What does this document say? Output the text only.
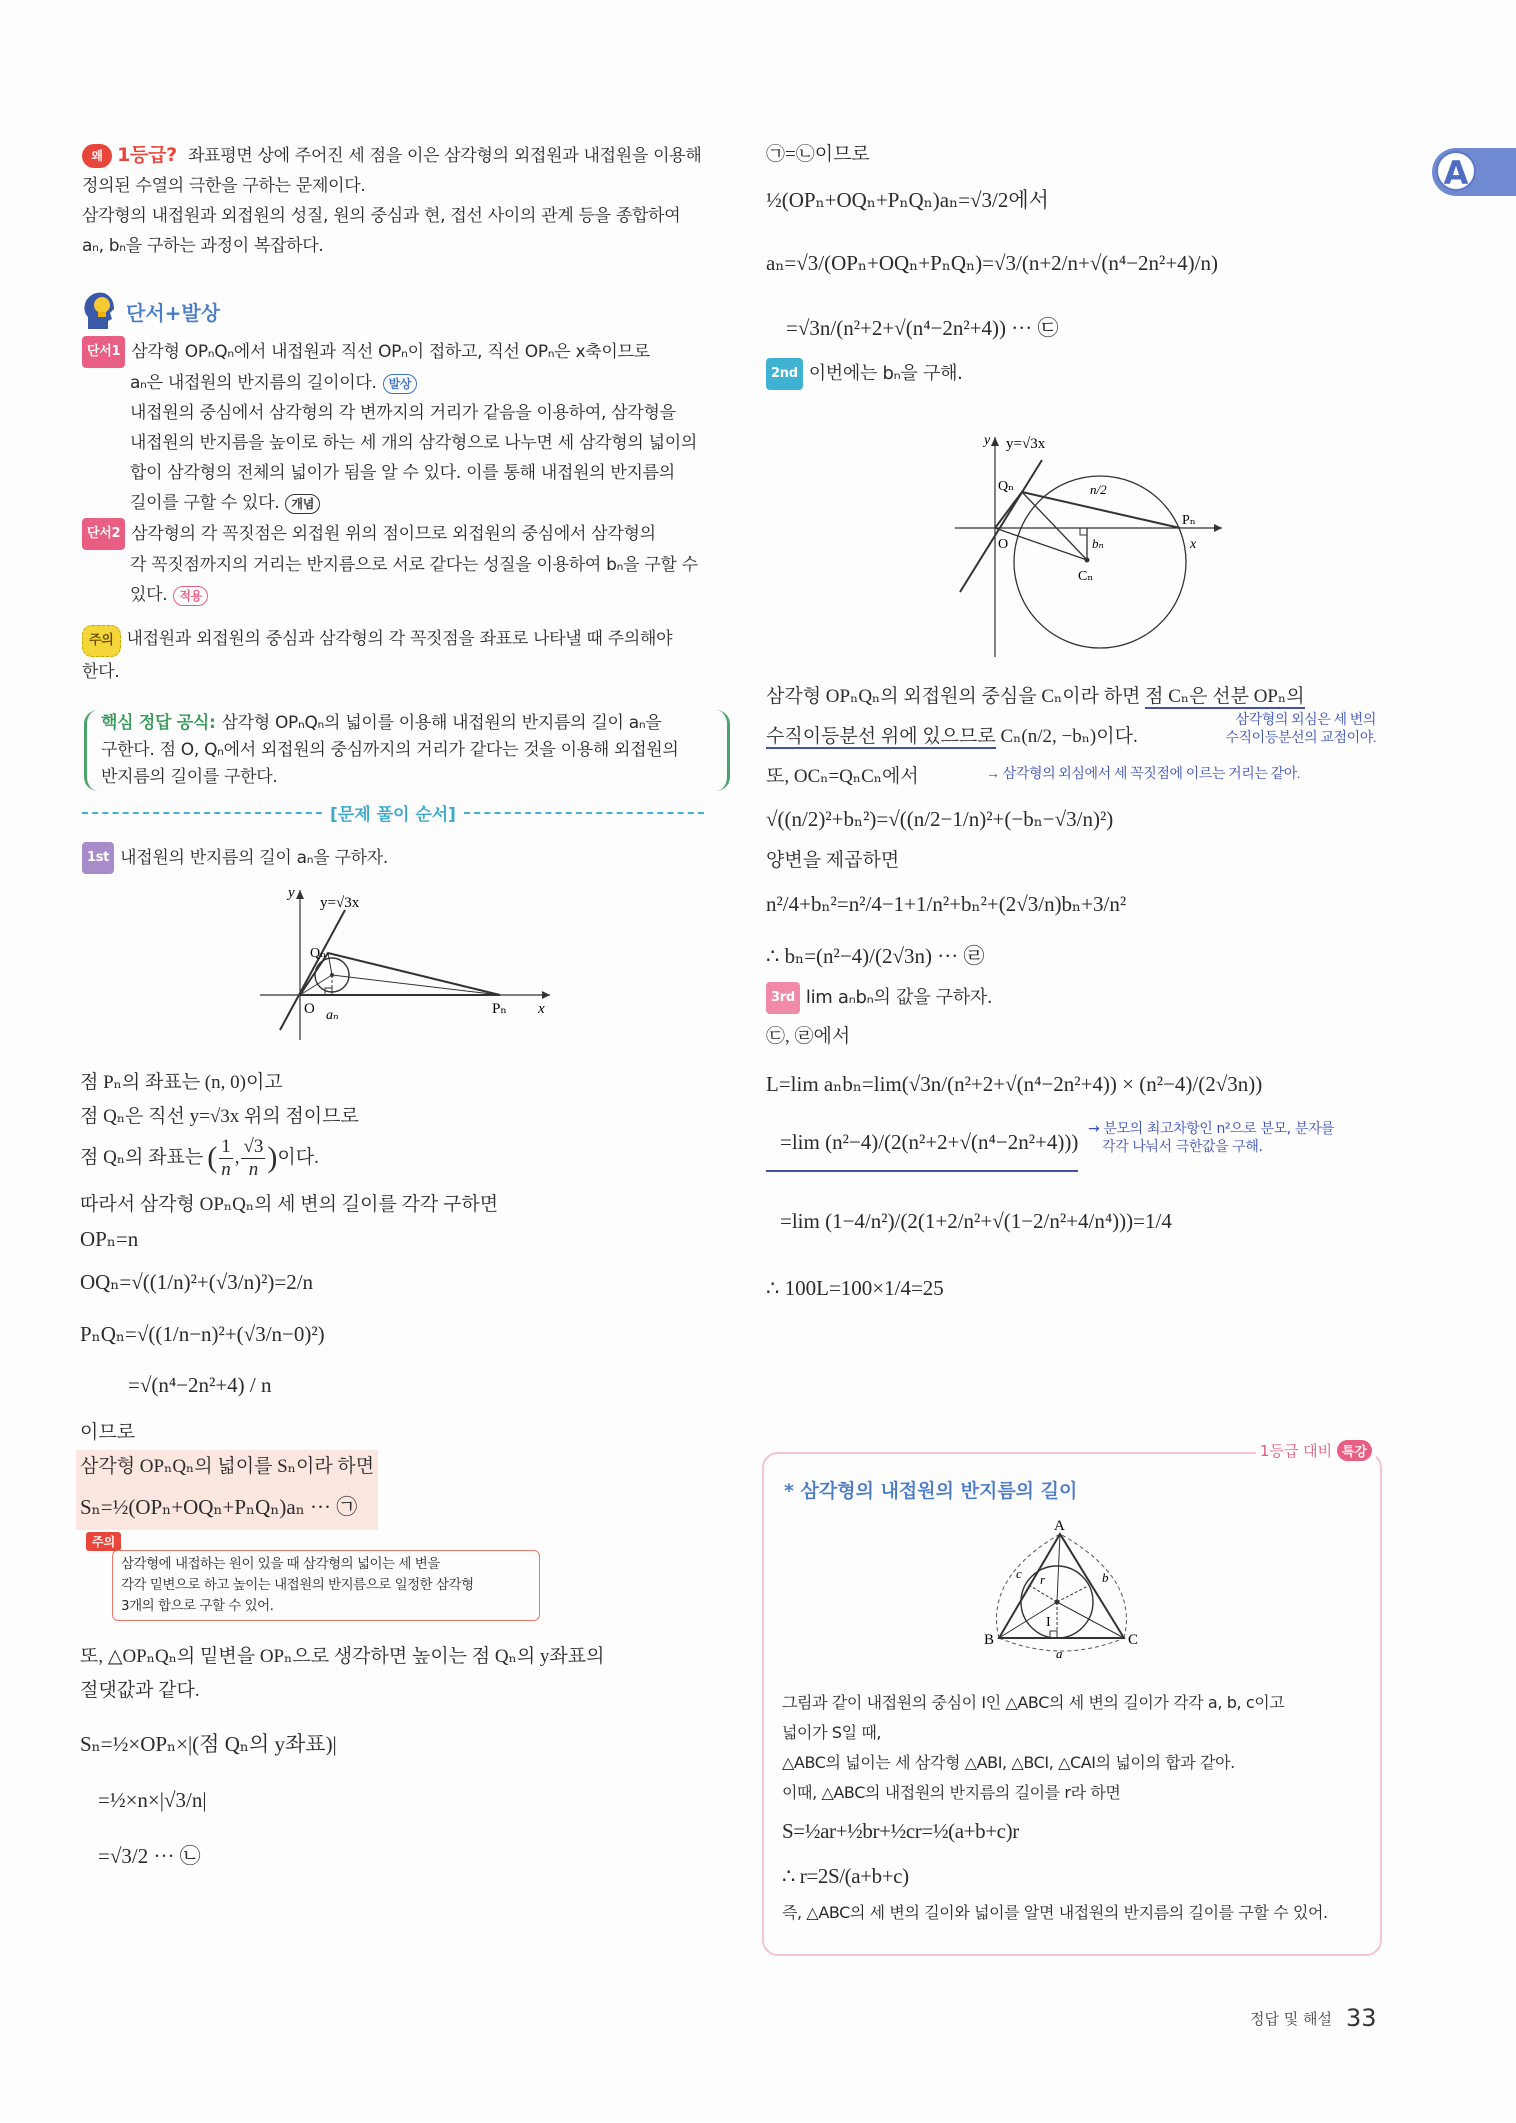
A
왜 1등급? 좌표평면 상에 주어진 세 점을 이은 삼각형의 외접원과 내접원을 이용해
정의된 수열의 극한을 구하는 문제이다.
삼각형의 내접원과 외접원의 성질, 원의 중심과 현, 접선 사이의 관계 등을 종합하여
aₙ, bₙ을 구하는 과정이 복잡하다.
단서+발상
단서1 삼각형 OPₙQₙ에서 내접원과 직선 OPₙ이 접하고, 직선 OPₙ은 x축이므로
aₙ은 내접원의 반지름의 길이이다. 발상
내접원의 중심에서 삼각형의 각 변까지의 거리가 같음을 이용하여, 삼각형을
내접원의 반지름을 높이로 하는 세 개의 삼각형으로 나누면 세 삼각형의 넓이의
합이 삼각형의 전체의 넓이가 됨을 알 수 있다. 이를 통해 내접원의 반지름의
길이를 구할 수 있다. 개념
단서2 삼각형의 각 꼭짓점은 외접원 위의 점이므로 외접원의 중심에서 삼각형의
각 꼭짓점까지의 거리는 반지름으로 서로 같다는 성질을 이용하여 bₙ을 구할 수
있다. 적용
주의 내접원과 외접원의 중심과 삼각형의 각 꼭짓점을 좌표로 나타낼 때 주의해야
한다.
핵심 정답 공식: 삼각형 OPₙQₙ의 넓이를 이용해 내접원의 반지름의 길이 aₙ을
구한다. 점 O, Qₙ에서 외접원의 중심까지의 거리가 같다는 것을 이용해 외접원의
반지름의 길이를 구한다.
[문제 풀이 순서]
1st 내접원의 반지름의 길이 aₙ을 구하자.
y
y=√3x
Qₙ
O aₙ	Pₙ x
점 Pₙ의 좌표는 (n, 0)이고
점 Qₙ은 직선 y=√3x 위의 점이므로
점 Qₙ의 좌표는 ( $\frac{1}{n}$ , $\frac{√3}{n}$ ) 이다.
따라서 삼각형 OPₙQₙ의 세 변의 길이를 각각 구하면
OPₙ=n
OQₙ=√((1/n)²+(√3/n)²)=2/n
PₙQₙ=√((1/n−n)²+(√3/n−0)²)
=√(n⁴−2n²+4) / n
이므로
삼각형 OPₙQₙ의 넓이를 Sₙ이라 하면
Sₙ=½(OPₙ+OQₙ+PₙQₙ)aₙ ··· ㉠
주의
삼각형에 내접하는 원이 있을 때 삼각형의 넓이는 세 변을
각각 밑변으로 하고 높이는 내접원의 반지름으로 일정한 삼각형
3개의 합으로 구할 수 있어.
또, △OPₙQₙ의 밑변을 OPₙ으로 생각하면 높이는 점 Qₙ의 y좌표의
절댓값과 같다.
Sₙ=½×OPₙ×|(점 Qₙ의 y좌표)|
=½×n×|√3/n|
=√3/2 ··· ㉡
㉠=㉡이므로
½(OPₙ+OQₙ+PₙQₙ)aₙ=√3/2에서
aₙ=√3/(OPₙ+OQₙ+PₙQₙ)=√3/(n+2/n+√(n⁴−2n²+4)/n)
=√3n/(n²+2+√(n⁴−2n²+4)) ··· ㉢
2nd 이번에는 bₙ을 구해.
y y=√3x
Qₙ
O
n/2
bₙ
Cₙ
Pₙ
x
삼각형 OPₙQₙ의 외접원의 중심을 Cₙ이라 하면 점 Cₙ은 선분 OPₙ의
수직이등분선 위에 있으므로 Cₙ(n/2, −bₙ)이다.
삼각형의 외심은 세 변의
수직이등분선의 교점이야.
또, OCₙ=QₙCₙ에서	→ 삼각형의 외심에서 세 꼭짓점에 이르는 거리는 같아.
√((n/2)²+bₙ²)=√((n/2−1/n)²+(−bₙ−√3/n)²)
양변을 제곱하면
n²/4+bₙ²=n²/4−1+1/n²+bₙ²+(2√3/n)bₙ+3/n²
∴ bₙ=(n²−4)/(2√3n) ··· ㉣
3rd lim aₙbₙ의 값을 구하자.
㉢, ㉣에서
L=lim aₙbₙ=lim(√3n/(n²+2+√(n⁴−2n²+4)) × (n²−4)/(2√3n))
=lim (n²−4)/(2(n²+2+√(n⁴−2n²+4)))
→ 분모의 최고차항인 n²으로 분모, 분자를
각각 나눠서 극한값을 구해.
=lim (1−4/n²)/(2(1+2/n²+√(1−2/n²+4/n⁴)))=1/4
∴ 100L=100×1/4=25
1등급 대비 특강
* 삼각형의 내접원의 반지름의 길이
A
B	C
I
r
c	b
a
그림과 같이 내접원의 중심이 I인 △ABC의 세 변의 길이가 각각 a, b, c이고
넓이가 S일 때,
△ABC의 넓이는 세 삼각형 △ABI, △BCI, △CAI의 넓이의 합과 같아.
이때, △ABC의 내접원의 반지름의 길이를 r라 하면
S=½ar+½br+½cr=½(a+b+c)r
∴ r=2S/(a+b+c)
즉, △ABC의 세 변의 길이와 넓이를 알면 내접원의 반지름의 길이를 구할 수 있어.
정답 및 해설 33
